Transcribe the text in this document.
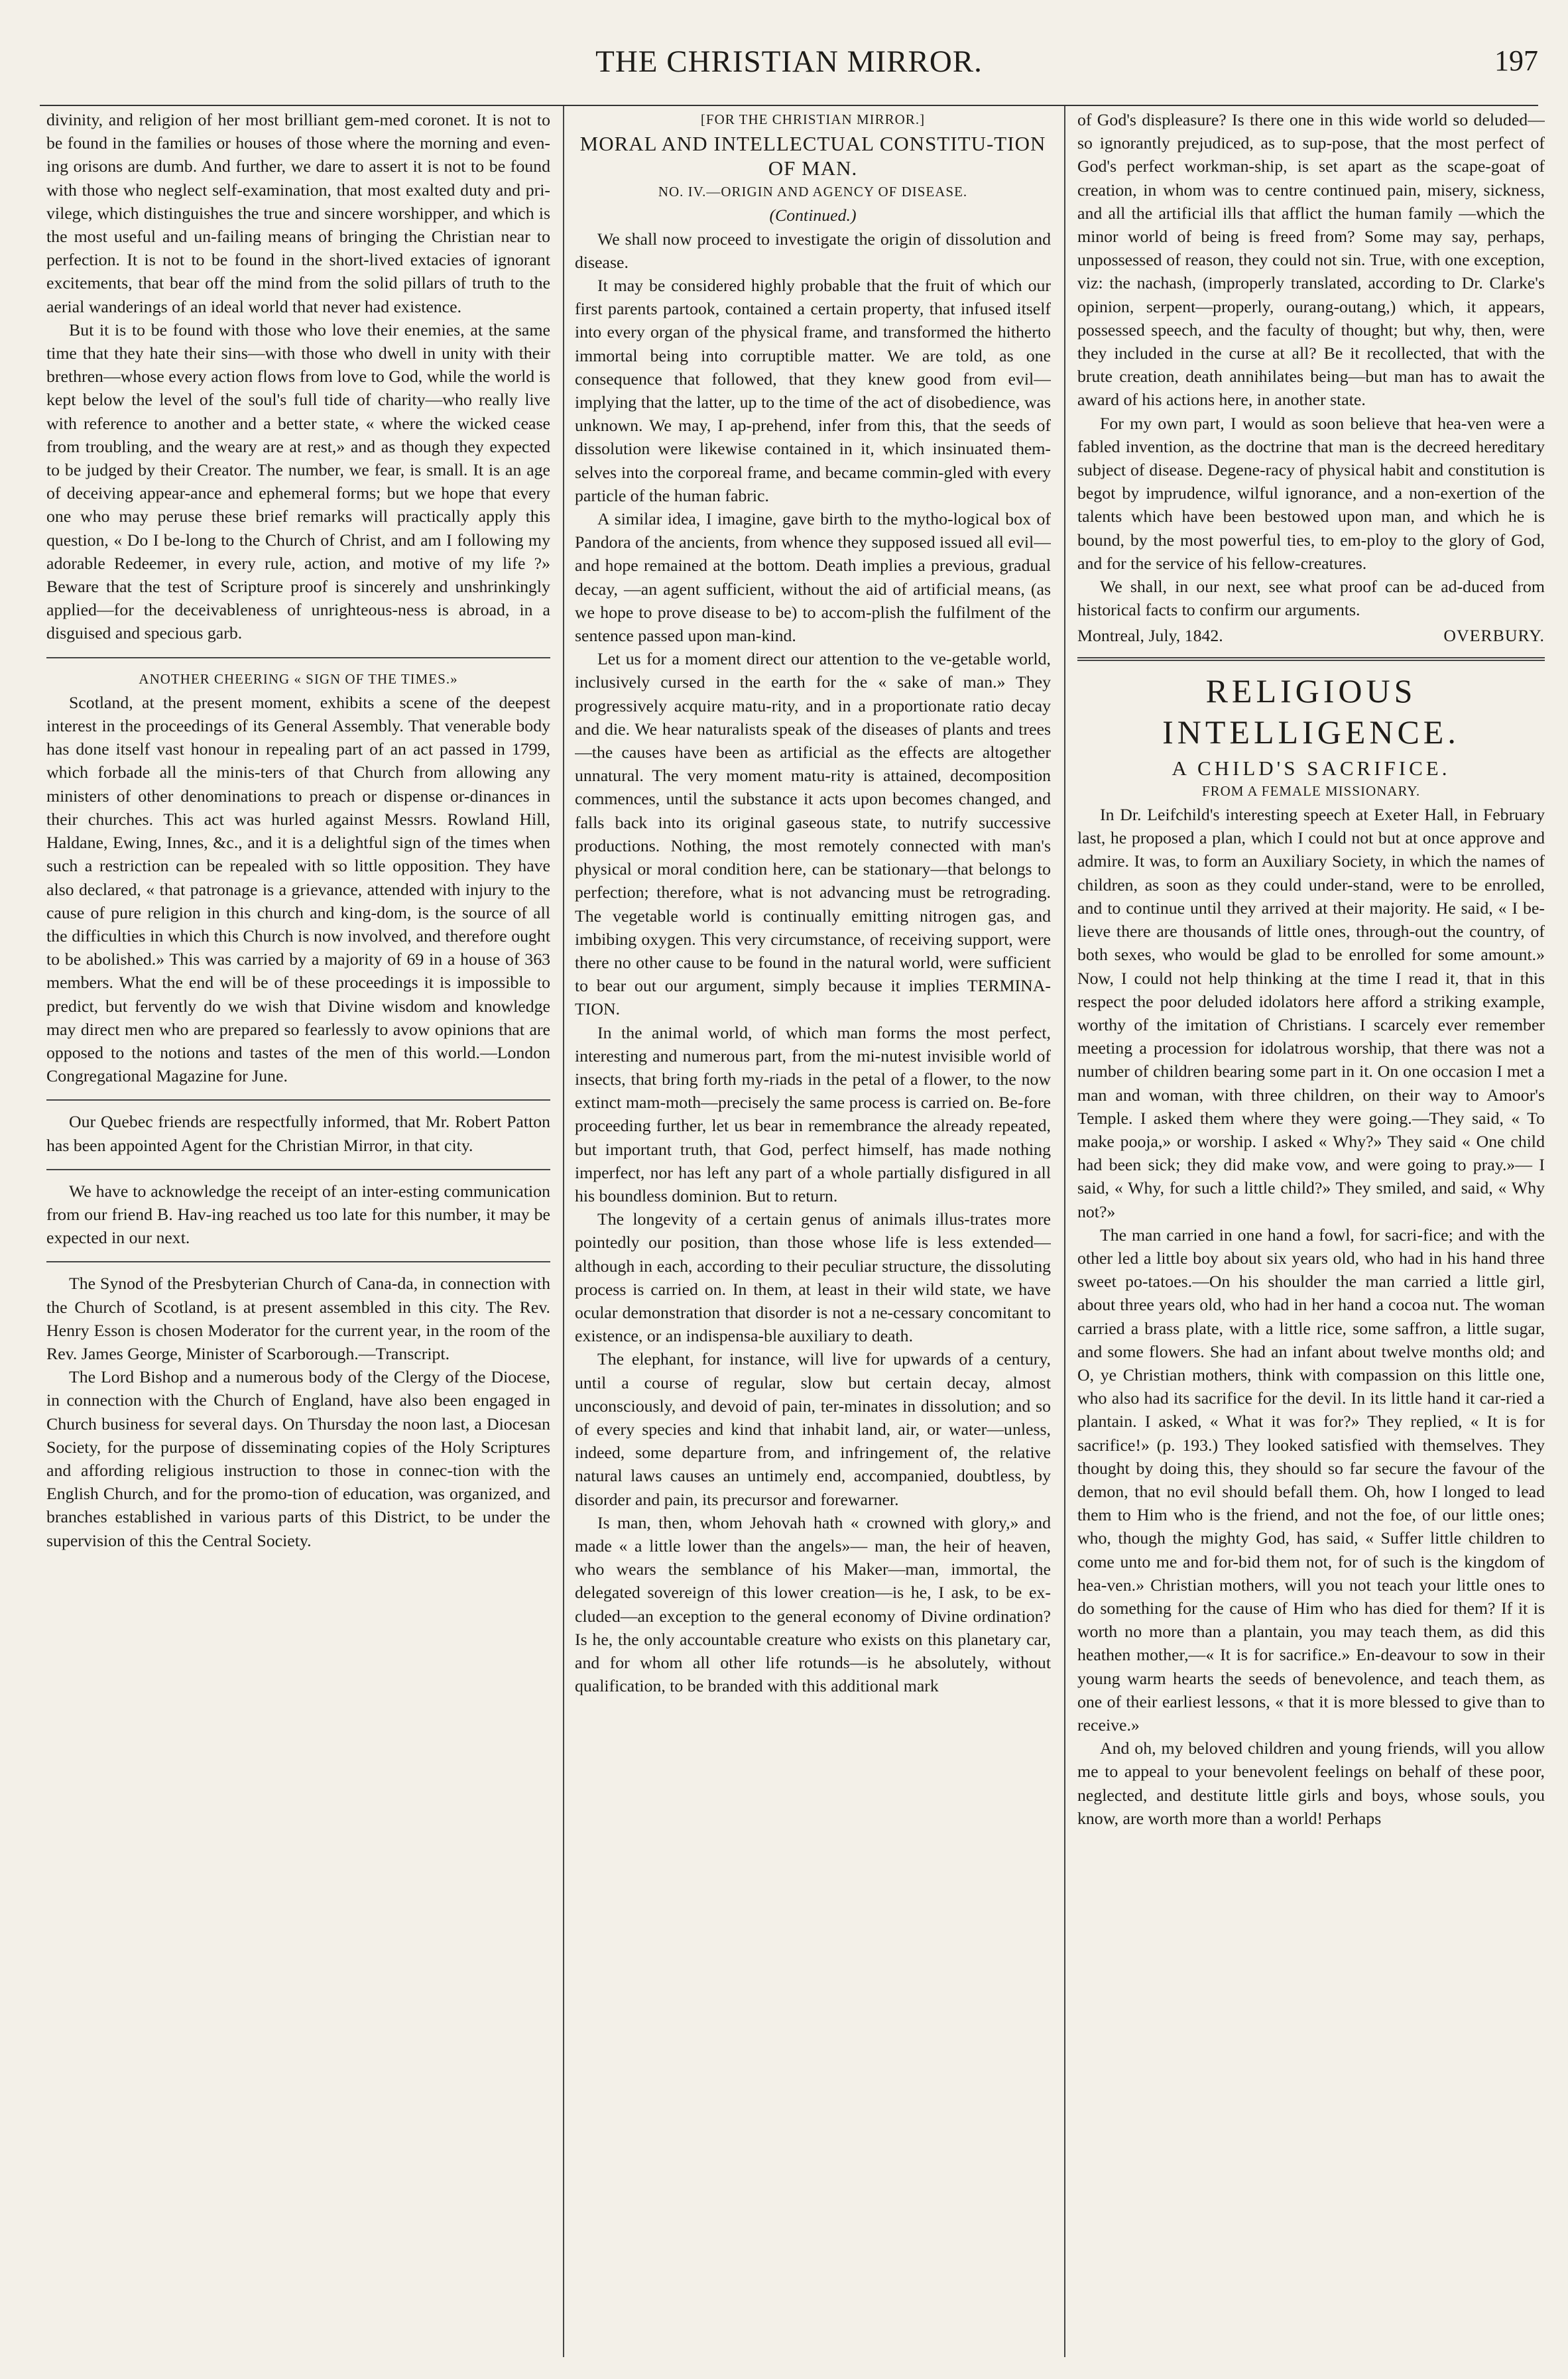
THE CHRISTIAN MIRROR.	197

divinity, and religion of her most brilliant gem-med coronet. It is not to be found in the families or houses of those where the morning and even-ing orisons are dumb. And further, we dare to assert it is not to be found with those who neglect self-examination, that most exalted duty and pri-vilege, which distinguishes the true and sincere worshipper, and which is the most useful and un-failing means of bringing the Christian near to perfection. It is not to be found in the short-lived extacies of ignorant excitements, that bear off the mind from the solid pillars of truth to the aerial wanderings of an ideal world that never had existence.

But it is to be found with those who love their enemies, at the same time that they hate their sins—with those who dwell in unity with their brethren—whose every action flows from love to God, while the world is kept below the level of the soul's full tide of charity—who really live with reference to another and a better state, « where the wicked cease from troubling, and the weary are at rest,» and as though they expected to be judged by their Creator. The number, we fear, is small. It is an age of deceiving appear-ance and ephemeral forms; but we hope that every one who may peruse these brief remarks will practically apply this question, « Do I be-long to the Church of Christ, and am I following my adorable Redeemer, in every rule, action, and motive of my life ?» Beware that the test of Scripture proof is sincerely and unshrinkingly applied—for the deceivableness of unrighteous-ness is abroad, in a disguised and specious garb.

ANOTHER CHEERING « SIGN OF THE TIMES.»

Scotland, at the present moment, exhibits a scene of the deepest interest in the proceedings of its General Assembly. That venerable body has done itself vast honour in repealing part of an act passed in 1799, which forbade all the minis-ters of that Church from allowing any ministers of other denominations to preach or dispense or-dinances in their churches. This act was hurled against Messrs. Rowland Hill, Haldane, Ewing, Innes, &c., and it is a delightful sign of the times when such a restriction can be repealed with so little opposition. They have also declared, « that patronage is a grievance, attended with injury to the cause of pure religion in this church and king-dom, is the source of all the difficulties in which this Church is now involved, and therefore ought to be abolished.» This was carried by a majority of 69 in a house of 363 members. What the end will be of these proceedings it is impossible to predict, but fervently do we wish that Divine wisdom and knowledge may direct men who are prepared so fearlessly to avow opinions that are opposed to the notions and tastes of the men of this world.—London Congregational Magazine for June.

Our Quebec friends are respectfully informed, that Mr. Robert Patton has been appointed Agent for the Christian Mirror, in that city.

We have to acknowledge the receipt of an inter-esting communication from our friend B. Hav-ing reached us too late for this number, it may be expected in our next.

The Synod of the Presbyterian Church of Cana-da, in connection with the Church of Scotland, is at present assembled in this city. The Rev. Henry Esson is chosen Moderator for the current year, in the room of the Rev. James George, Minister of Scarborough.—Transcript.

The Lord Bishop and a numerous body of the Clergy of the Diocese, in connection with the Church of England, have also been engaged in Church business for several days. On Thursday the noon last, a Diocesan Society, for the purpose of disseminating copies of the Holy Scriptures and affording religious instruction to those in connec-tion with the English Church, and for the promo-tion of education, was organized, and branches established in various parts of this District, to be under the supervision of this the Central Society.

[FOR THE CHRISTIAN MIRROR.]
MORAL AND INTELLECTUAL CONSTITU-TION OF MAN.
NO. IV.—ORIGIN AND AGENCY OF DISEASE.
(Continued.)

We shall now proceed to investigate the origin of dissolution and disease.

It may be considered highly probable that the fruit of which our first parents partook, contained a certain property, that infused itself into every organ of the physical frame, and transformed the hitherto immortal being into corruptible matter. We are told, as one consequence that followed, that they knew good from evil—implying that the latter, up to the time of the act of disobedience, was unknown. We may, I ap-prehend, infer from this, that the seeds of dissolution were likewise contained in it, which insinuated them-selves into the corporeal frame, and became commin-gled with every particle of the human fabric.

A similar idea, I imagine, gave birth to the mytho-logical box of Pandora of the ancients, from whence they supposed issued all evil—and hope remained at the bottom. Death implies a previous, gradual decay, —an agent sufficient, without the aid of artificial means, (as we hope to prove disease to be) to accom-plish the fulfilment of the sentence passed upon man-kind.

Let us for a moment direct our attention to the ve-getable world, inclusively cursed in the earth for the « sake of man.» They progressively acquire matu-rity, and in a proportionate ratio decay and die. We hear naturalists speak of the diseases of plants and trees—the causes have been as artificial as the effects are altogether unnatural. The very moment matu-rity is attained, decomposition commences, until the substance it acts upon becomes changed, and falls back into its original gaseous state, to nutrify successive productions. Nothing, the most remotely connected with man's physical or moral condition here, can be stationary—that belongs to perfection; therefore, what is not advancing must be retrograding. The vegetable world is continually emitting nitrogen gas, and imbibing oxygen. This very circumstance, of receiving support, were there no other cause to be found in the natural world, were sufficient to bear out our argument, simply because it implies TERMINA-TION.

In the animal world, of which man forms the most perfect, interesting and numerous part, from the mi-nutest invisible world of insects, that bring forth my-riads in the petal of a flower, to the now extinct mam-moth—precisely the same process is carried on. Be-fore proceeding further, let us bear in remembrance the already repeated, but important truth, that God, perfect himself, has made nothing imperfect, nor has left any part of a whole partially disfigured in all his boundless dominion. But to return.

The longevity of a certain genus of animals illus-trates more pointedly our position, than those whose life is less extended—although in each, according to their peculiar structure, the dissoluting process is carried on. In them, at least in their wild state, we have ocular demonstration that disorder is not a ne-cessary concomitant to existence, or an indispensa-ble auxiliary to death.

The elephant, for instance, will live for upwards of a century, until a course of regular, slow but certain decay, almost unconsciously, and devoid of pain, ter-minates in dissolution; and so of every species and kind that inhabit land, air, or water—unless, indeed, some departure from, and infringement of, the relative natural laws causes an untimely end, accompanied, doubtless, by disorder and pain, its precursor and forewarner.

Is man, then, whom Jehovah hath « crowned with glory,» and made « a little lower than the angels»— man, the heir of heaven, who wears the semblance of his Maker—man, immortal, the delegated sovereign of this lower creation—is he, I ask, to be ex-cluded—an exception to the general economy of Divine ordination? Is he, the only accountable creature who exists on this planetary car, and for whom all other life rotunds—is he absolutely, without qualification, to be branded with this additional mark

of God's displeasure? Is there one in this wide world so deluded—so ignorantly prejudiced, as to sup-pose, that the most perfect of God's perfect workman-ship, is set apart as the scape-goat of creation, in whom was to centre continued pain, misery, sickness, and all the artificial ills that afflict the human family —which the minor world of being is freed from? Some may say, perhaps, unpossessed of reason, they could not sin. True, with one exception, viz: the nachash, (improperly translated, according to Dr. Clarke's opinion, serpent—properly, ourang-outang,) which, it appears, possessed speech, and the faculty of thought; but why, then, were they included in the curse at all? Be it recollected, that with the brute creation, death annihilates being—but man has to await the award of his actions here, in another state.

For my own part, I would as soon believe that hea-ven were a fabled invention, as the doctrine that man is the decreed hereditary subject of disease. Degene-racy of physical habit and constitution is begot by imprudence, wilful ignorance, and a non-exertion of the talents which have been bestowed upon man, and which he is bound, by the most powerful ties, to em-ploy to the glory of God, and for the service of his fellow-creatures.

We shall, in our next, see what proof can be ad-duced from historical facts to confirm our arguments.

Montreal, July, 1842.	OVERBURY.
RELIGIOUS INTELLIGENCE.
A CHILD'S SACRIFICE.
FROM A FEMALE MISSIONARY.

In Dr. Leifchild's interesting speech at Exeter Hall, in February last, he proposed a plan, which I could not but at once approve and admire. It was, to form an Auxiliary Society, in which the names of children, as soon as they could under-stand, were to be enrolled, and to continue until they arrived at their majority. He said, « I be-lieve there are thousands of little ones, through-out the country, of both sexes, who would be glad to be enrolled for some amount.» Now, I could not help thinking at the time I read it, that in this respect the poor deluded idolators here afford a striking example, worthy of the imitation of Christians. I scarcely ever remember meeting a procession for idolatrous worship, that there was not a number of children bearing some part in it. On one occasion I met a man and woman, with three children, on their way to Amoor's Temple. I asked them where they were going.—They said, « To make pooja,» or worship. I asked « Why?» They said « One child had been sick; they did make vow, and were going to pray.»— I said, « Why, for such a little child?» They smiled, and said, « Why not?»

The man carried in one hand a fowl, for sacri-fice; and with the other led a little boy about six years old, who had in his hand three sweet po-tatoes.—On his shoulder the man carried a little girl, about three years old, who had in her hand a cocoa nut. The woman carried a brass plate, with a little rice, some saffron, a little sugar, and some flowers. She had an infant about twelve months old; and O, ye Christian mothers, think with compassion on this little one, who also had its sacrifice for the devil. In its little hand it car-ried a plantain. I asked, « What it was for?» They replied, « It is for sacrifice!» (p. 193.) They looked satisfied with themselves. They thought by doing this, they should so far secure the favour of the demon, that no evil should befall them. Oh, how I longed to lead them to Him who is the friend, and not the foe, of our little ones; who, though the mighty God, has said, « Suffer little children to come unto me and for-bid them not, for of such is the kingdom of hea-ven.» Christian mothers, will you not teach your little ones to do something for the cause of Him who has died for them? If it is worth no more than a plantain, you may teach them, as did this heathen mother,—« It is for sacrifice.» En-deavour to sow in their young warm hearts the seeds of benevolence, and teach them, as one of their earliest lessons, « that it is more blessed to give than to receive.»

And oh, my beloved children and young friends, will you allow me to appeal to your benevolent feelings on behalf of these poor, neglected, and destitute little girls and boys, whose souls, you know, are worth more than a world! Perhaps
